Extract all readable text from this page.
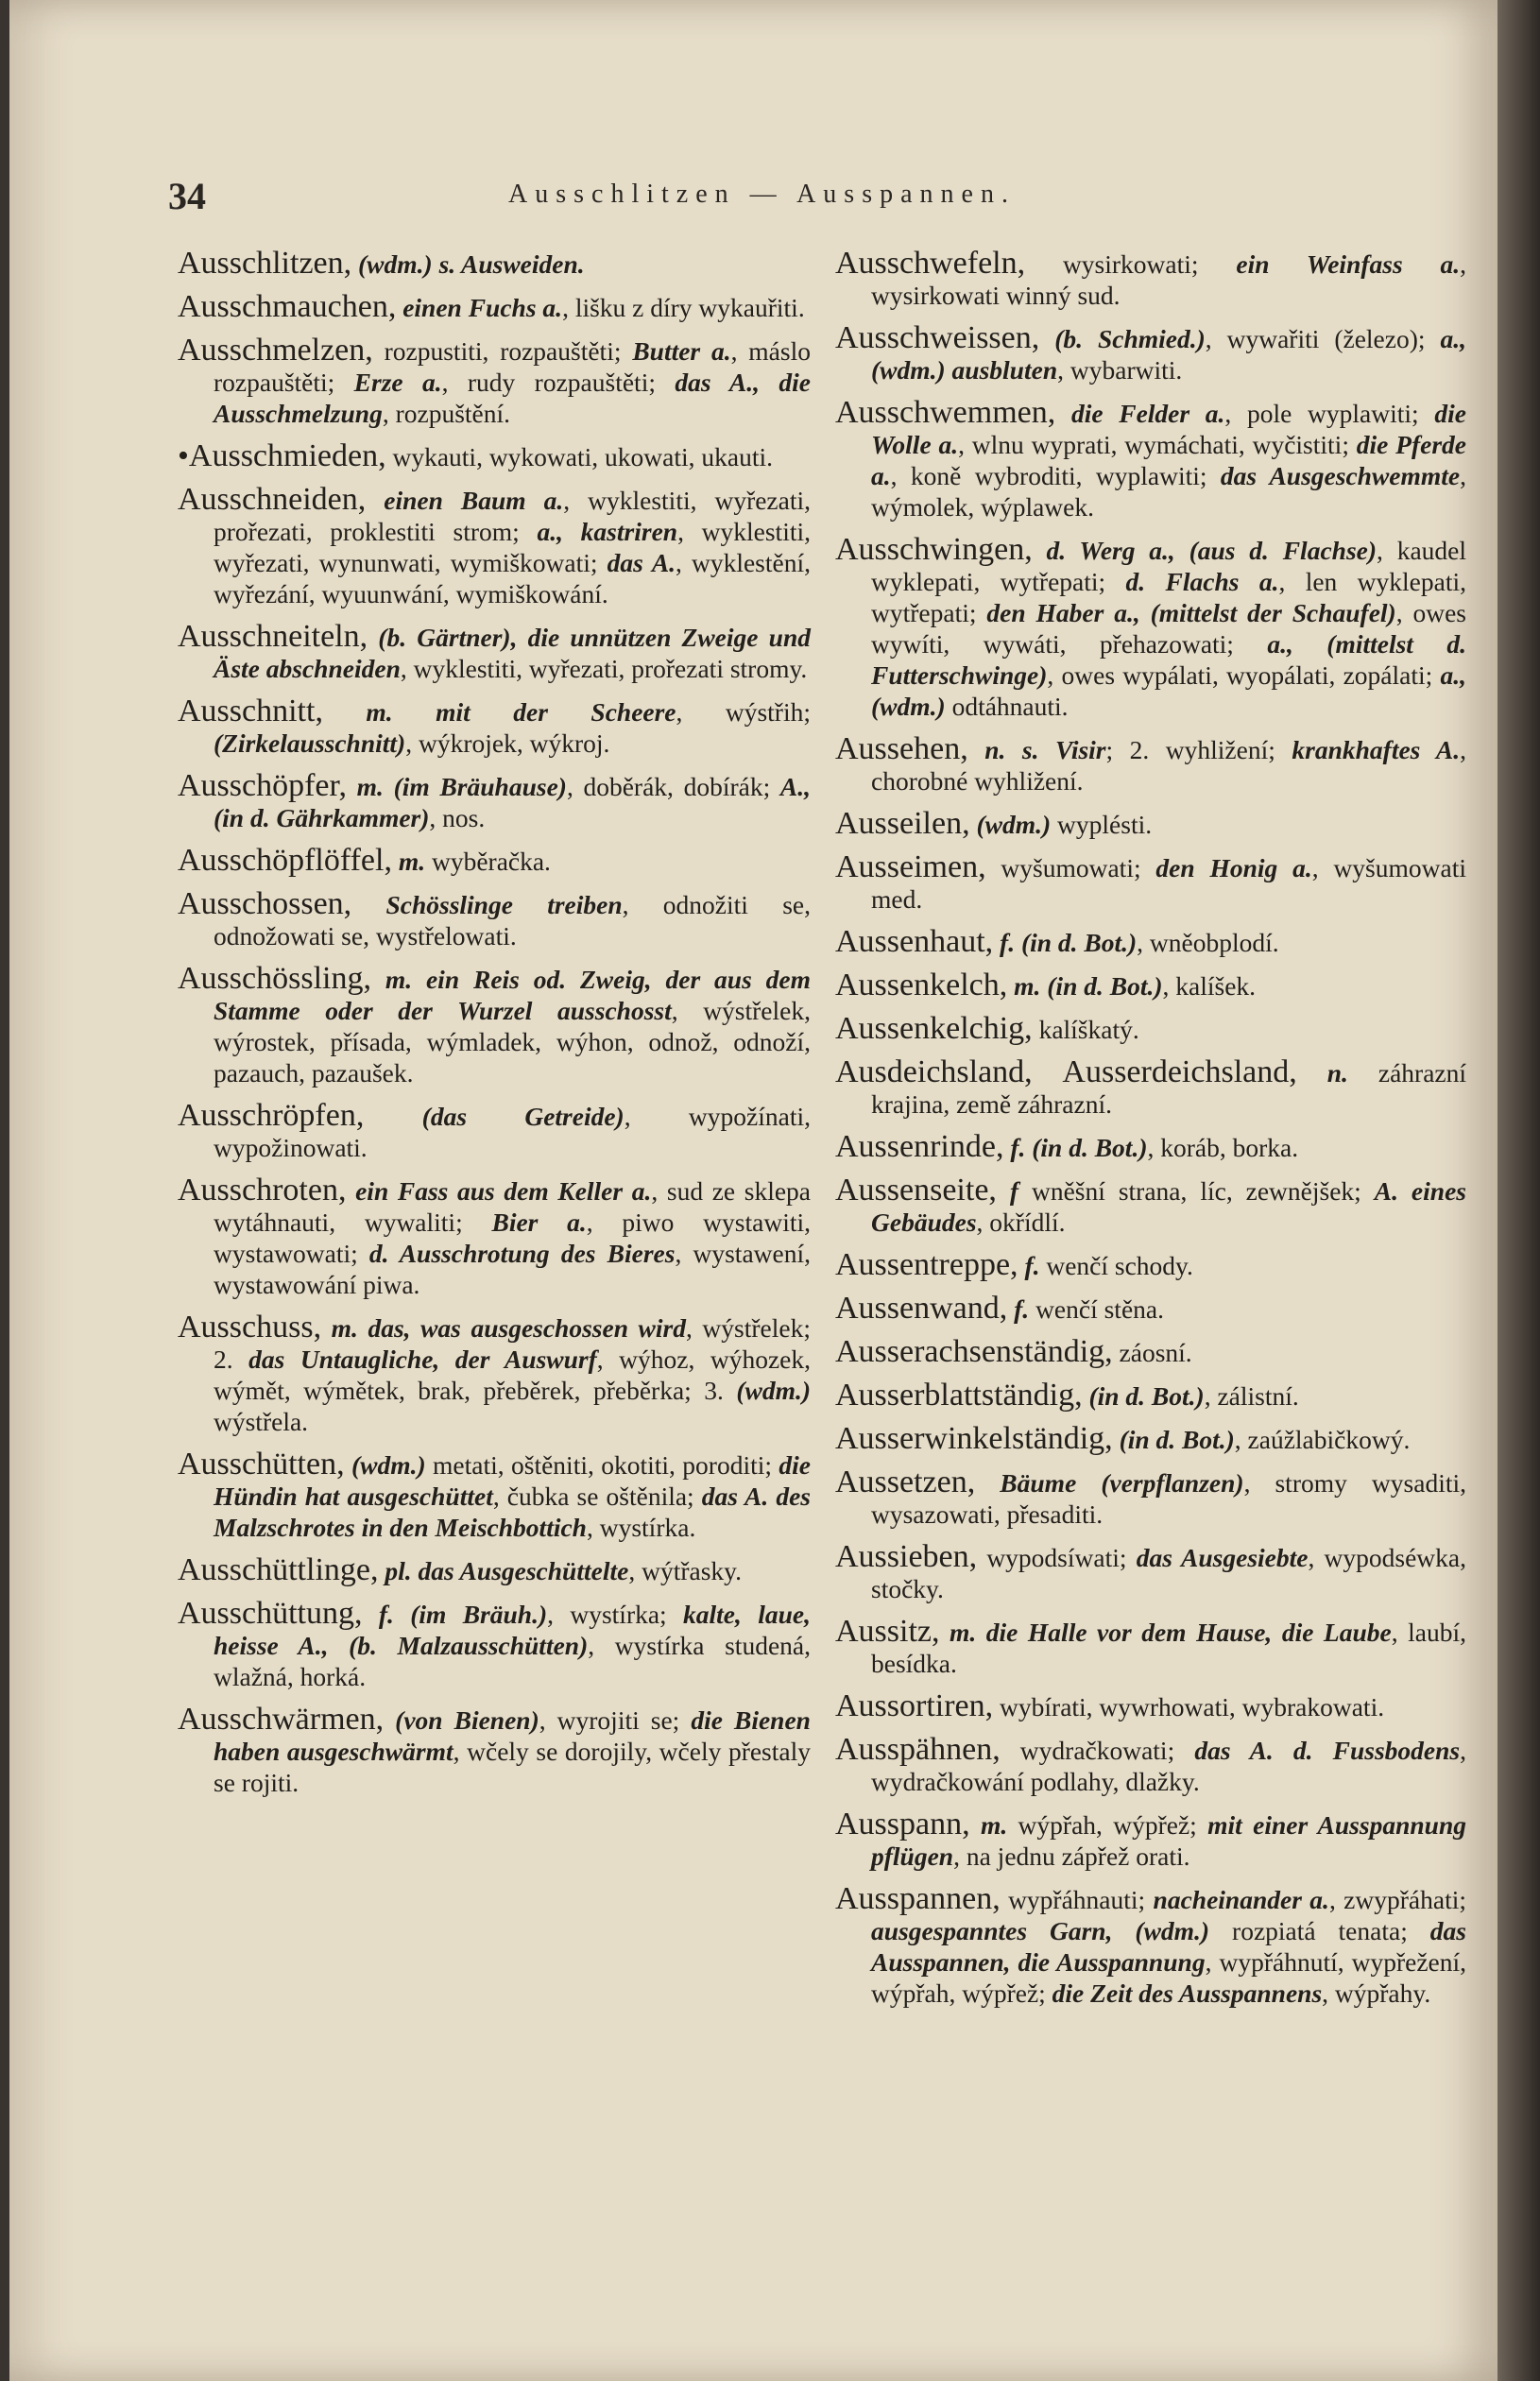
34	Ausschlitzen — Ausspannen.

Ausschlitzen, (wdm.) s. Ausweiden.

Ausschmauchen, einen Fuchs a., lišku z díry wykauřiti.

Ausschmelzen, rozpustiti, rozpauštěti; Butter a., máslo rozpauštěti; Erze a., rudy rozpauštěti; das A., die Ausschmelzung, rozpuštění.

•Ausschmieden, wykauti, wykowati, ukowati, ukauti.

Ausschneiden, einen Baum a., wyklestiti, wyřezati, prořezati, proklestiti strom; a., kastriren, wyklestiti, wyřezati, wynunwati, wymiškowati; das A., wyklestění, wyřezání, wyuunwání, wymiškowání.

Ausschneiteln, (b. Gärtner), die unnützen Zweige und Äste abschneiden, wyklestiti, wyřezati, prořezati stromy.

Ausschnitt, m. mit der Scheere, wýstřih; (Zirkelausschnitt), wýkrojek, wýkroj.

Ausschöpfer, m. (im Bräuhause), doběrák, dobírák; A., (in d. Gährkammer), nos.

Ausschöpflöffel, m. wyběračka.

Ausschossen, Schösslinge treiben, odnožiti se, odnožowati se, wystřelowati.

Ausschössling, m. ein Reis od. Zweig, der aus dem Stamme oder der Wurzel ausschosst, wýstřelek, wýrostek, přísada, wýmladek, wýhon, odnož, odnoží, pazauch, pazaušek.

Ausschröpfen, (das Getreide), wypožínati, wypožinowati.

Ausschroten, ein Fass aus dem Keller a., sud ze sklepa wytáhnauti, wywaliti; Bier a., piwo wystawiti, wystawowati; d. Ausschrotung des Bieres, wystawení, wystawowání piwa.

Ausschuss, m. das, was ausgeschossen wird, wýstřelek; 2. das Untaugliche, der Auswurf, wýhoz, wýhozek, wýmět, wýmětek, brak, přeběrek, přeběrka; 3. (wdm.) wýstřela.

Ausschütten, (wdm.) metati, oštěniti, okotiti, poroditi; die Hündin hat ausgeschüttet, čubka se oštěnila; das A. des Malzschrotes in den Meischbottich, wystírka.

Ausschüttlinge, pl. das Ausgeschüttelte, wýtřasky.

Ausschüttung, f. (im Bräuh.), wystírka; kalte, laue, heisse A., (b. Malzausschütten), wystírka studená, wlažná, horká.

Ausschwärmen, (von Bienen), wyrojiti se; die Bienen haben ausgeschwärmt, wčely se dorojily, wčely přestaly se rojiti.

Ausschwefeln, wysirkowati; ein Weinfass a., wysirkowati winný sud.

Ausschweissen, (b. Schmied.), wywařiti (železo); a., (wdm.) ausbluten, wybarwiti.

Ausschwemmen, die Felder a., pole wyplawiti; die Wolle a., wlnu wyprati, wymáchati, wyčistiti; die Pferde a., koně wybroditi, wyplawiti; das Ausgeschwemmte, wýmolek, wýplawek.

Ausschwingen, d. Werg a., (aus d. Flachse), kaudel wyklepati, wytřepati; d. Flachs a., len wyklepati, wytřepati; den Haber a., (mittelst der Schaufel), owes wywíti, wywáti, přehazowati; a., (mittelst d. Futterschwinge), owes wypálati, wyopálati, zopálati; a., (wdm.) odtáhnauti.

Aussehen, n. s. Visir; 2. wyhližení; krankhaftes A., chorobné wyhližení.

Ausseilen, (wdm.) wyplésti.

Ausseimen, wyšumowati; den Honig a., wyšumowati med.

Aussenhaut, f. (in d. Bot.), wněobplodí.

Aussenkelch, m. (in d. Bot.), kalíšek.

Aussenkelchig, kalíškatý.

Ausdeichsland, Ausserdeichsland, n. záhrazní krajina, země záhrazní.

Aussenrinde, f. (in d. Bot.), koráb, borka.

Aussenseite, f wněšní strana, líc, zewnějšek; A. eines Gebäudes, okřídlí.

Aussentreppe, f. wenčí schody.

Aussenwand, f. wenčí stěna.

Ausserachsenständig, záosní.

Ausserblattständig, (in d. Bot.), zálistní.

Ausserwinkelständig, (in d. Bot.), zaúžlabičkowý.

Aussetzen, Bäume (verpflanzen), stromy wysaditi, wysazowati, přesaditi.

Aussieben, wypodsíwati; das Ausgesiebte, wypodséwka, stočky.

Aussitz, m. die Halle vor dem Hause, die Laube, laubí, besídka.

Aussortiren, wybírati, wywrhowati, wybrakowati.

Ausspähnen, wydračkowati; das A. d. Fussbodens, wydračkowání podlahy, dlažky.

Ausspann, m. wýpřah, wýpřež; mit einer Ausspannung pflügen, na jednu zápřež orati.

Ausspannen, wypřáhnauti; nacheinander a., zwypřáhati; ausgespanntes Garn, (wdm.) rozpiatá tenata; das Ausspannen, die Ausspannung, wypřáhnutí, wypřežení, wýpřah, wýpřež; die Zeit des Ausspannens, wýpřahy.
